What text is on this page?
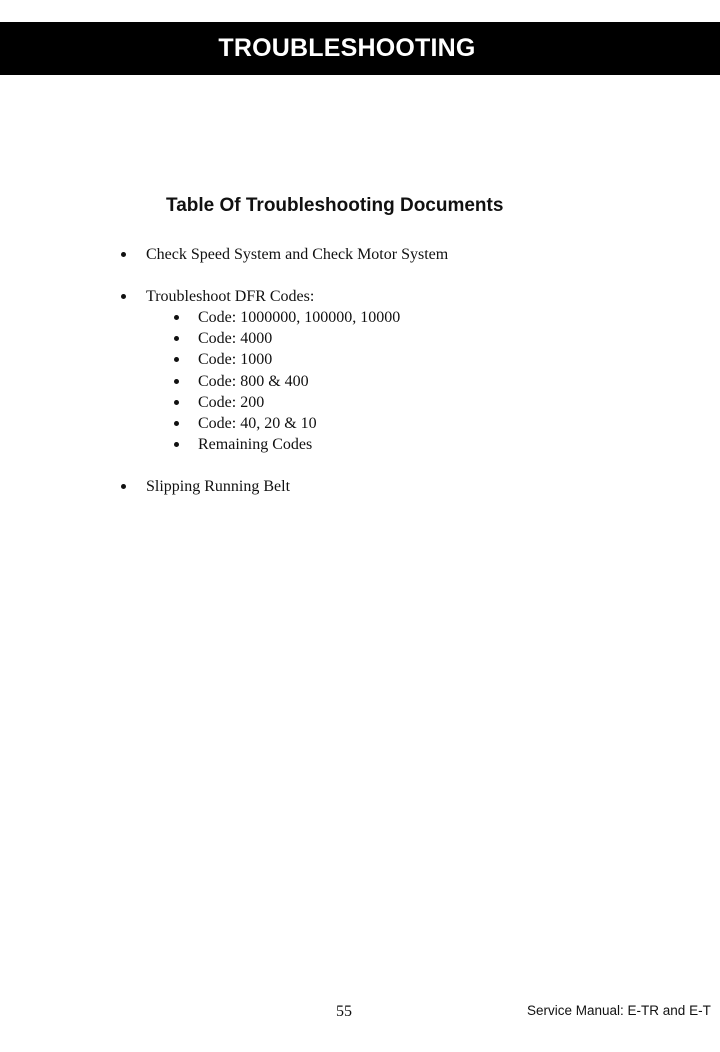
TROUBLESHOOTING
Table Of Troubleshooting Documents
Check Speed System and Check Motor System
Troubleshoot DFR Codes:
Code: 1000000, 100000, 10000
Code: 4000
Code: 1000
Code: 800 & 400
Code: 200
Code: 40, 20 & 10
Remaining Codes
Slipping Running Belt
55	Service Manual: E-TR and E-T
